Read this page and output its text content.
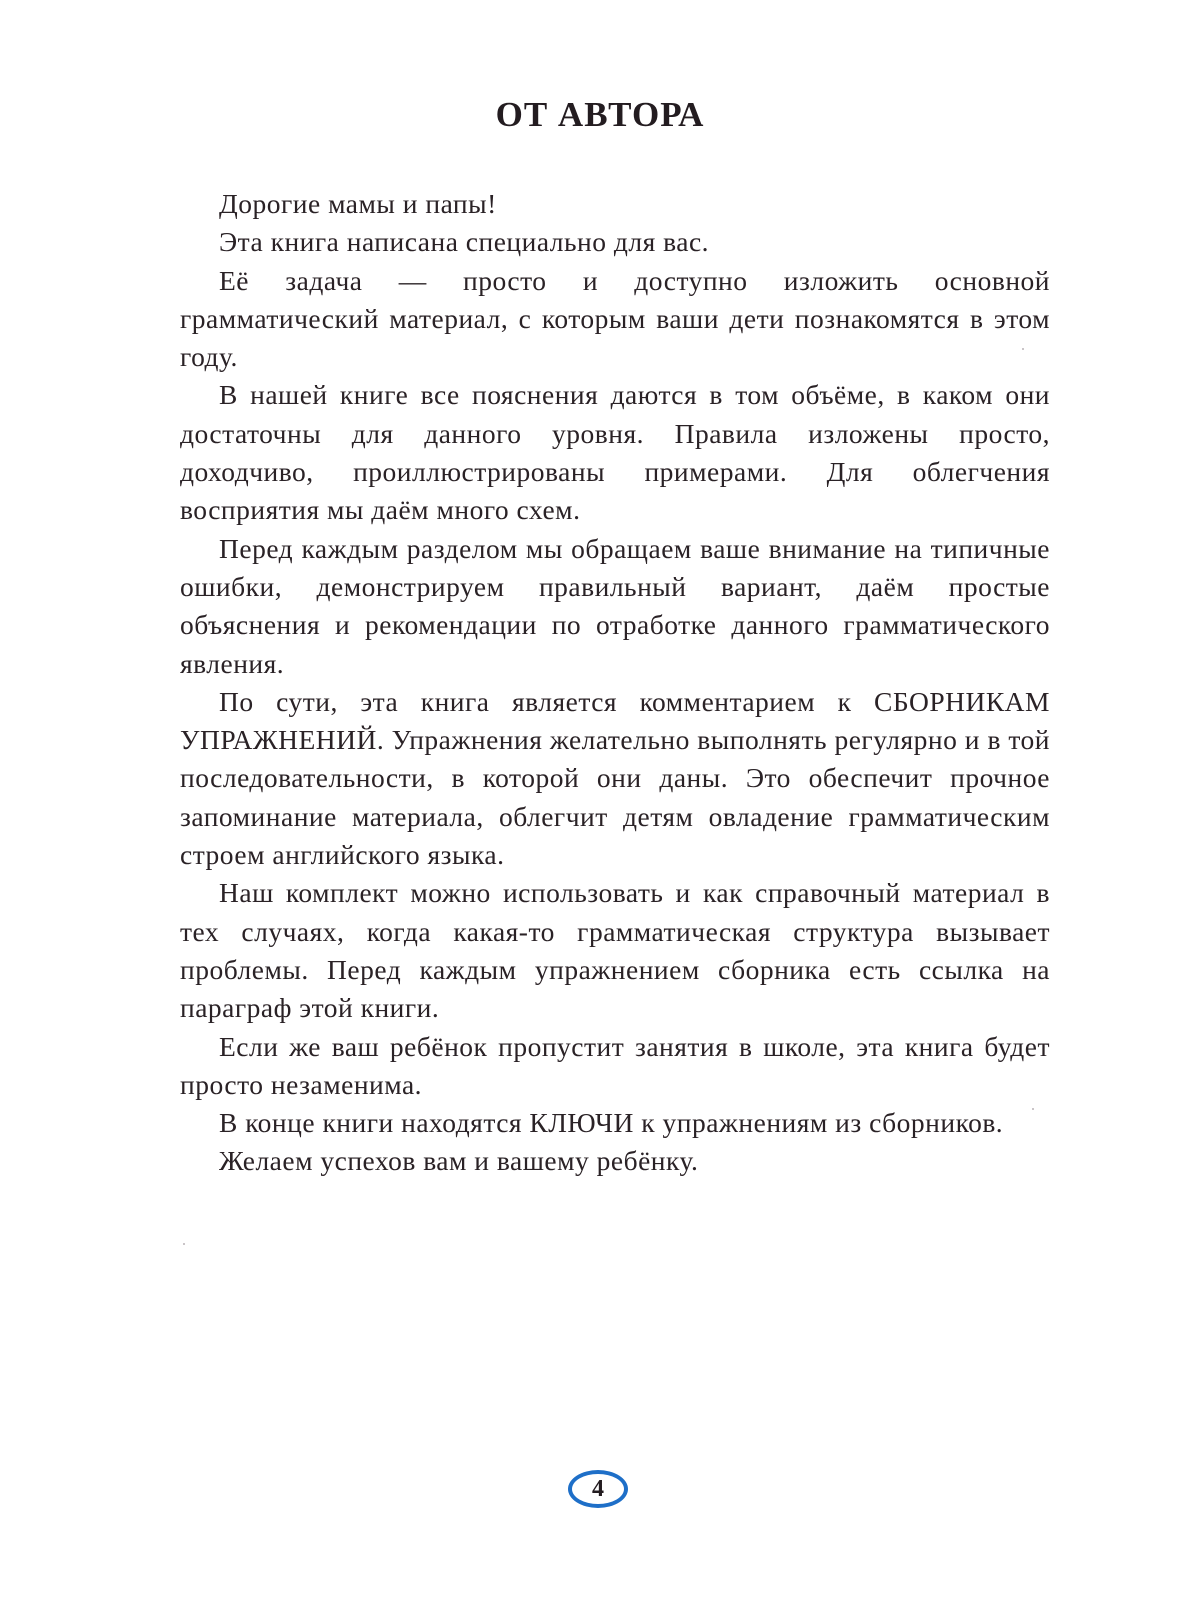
ОТ АВТОРА

Дорогие мамы и папы!

Эта книга написана специально для вас.

Её задача — просто и доступно изложить основной грамматический материал, с которым ваши дети познакомятся в этом году.

В нашей книге все пояснения даются в том объёме, в каком они достаточны для данного уровня. Правила изложены просто, доходчиво, проиллюстрированы примерами. Для облегчения восприятия мы даём много схем.

Перед каждым разделом мы обращаем ваше внимание на типичные ошибки, демонстрируем правильный вариант, даём простые объяснения и рекомендации по отработке данного грамматического явления.

По сути, эта книга является комментарием к СБОРНИКАМ УПРАЖНЕНИЙ. Упражнения желательно выполнять регулярно и в той последовательности, в которой они даны. Это обеспечит прочное запоминание материала, облегчит детям овладение грамматическим строем английского языка.

Наш комплект можно использовать и как справочный материал в тех случаях, когда какая-то грамматическая структура вызывает проблемы. Перед каждым упражнением сборника есть ссылка на параграф этой книги.

Если же ваш ребёнок пропустит занятия в школе, эта книга будет просто незаменима.

В конце книги находятся КЛЮЧИ к упражнениям из сборников.

Желаем успехов вам и вашему ребёнку.

4
